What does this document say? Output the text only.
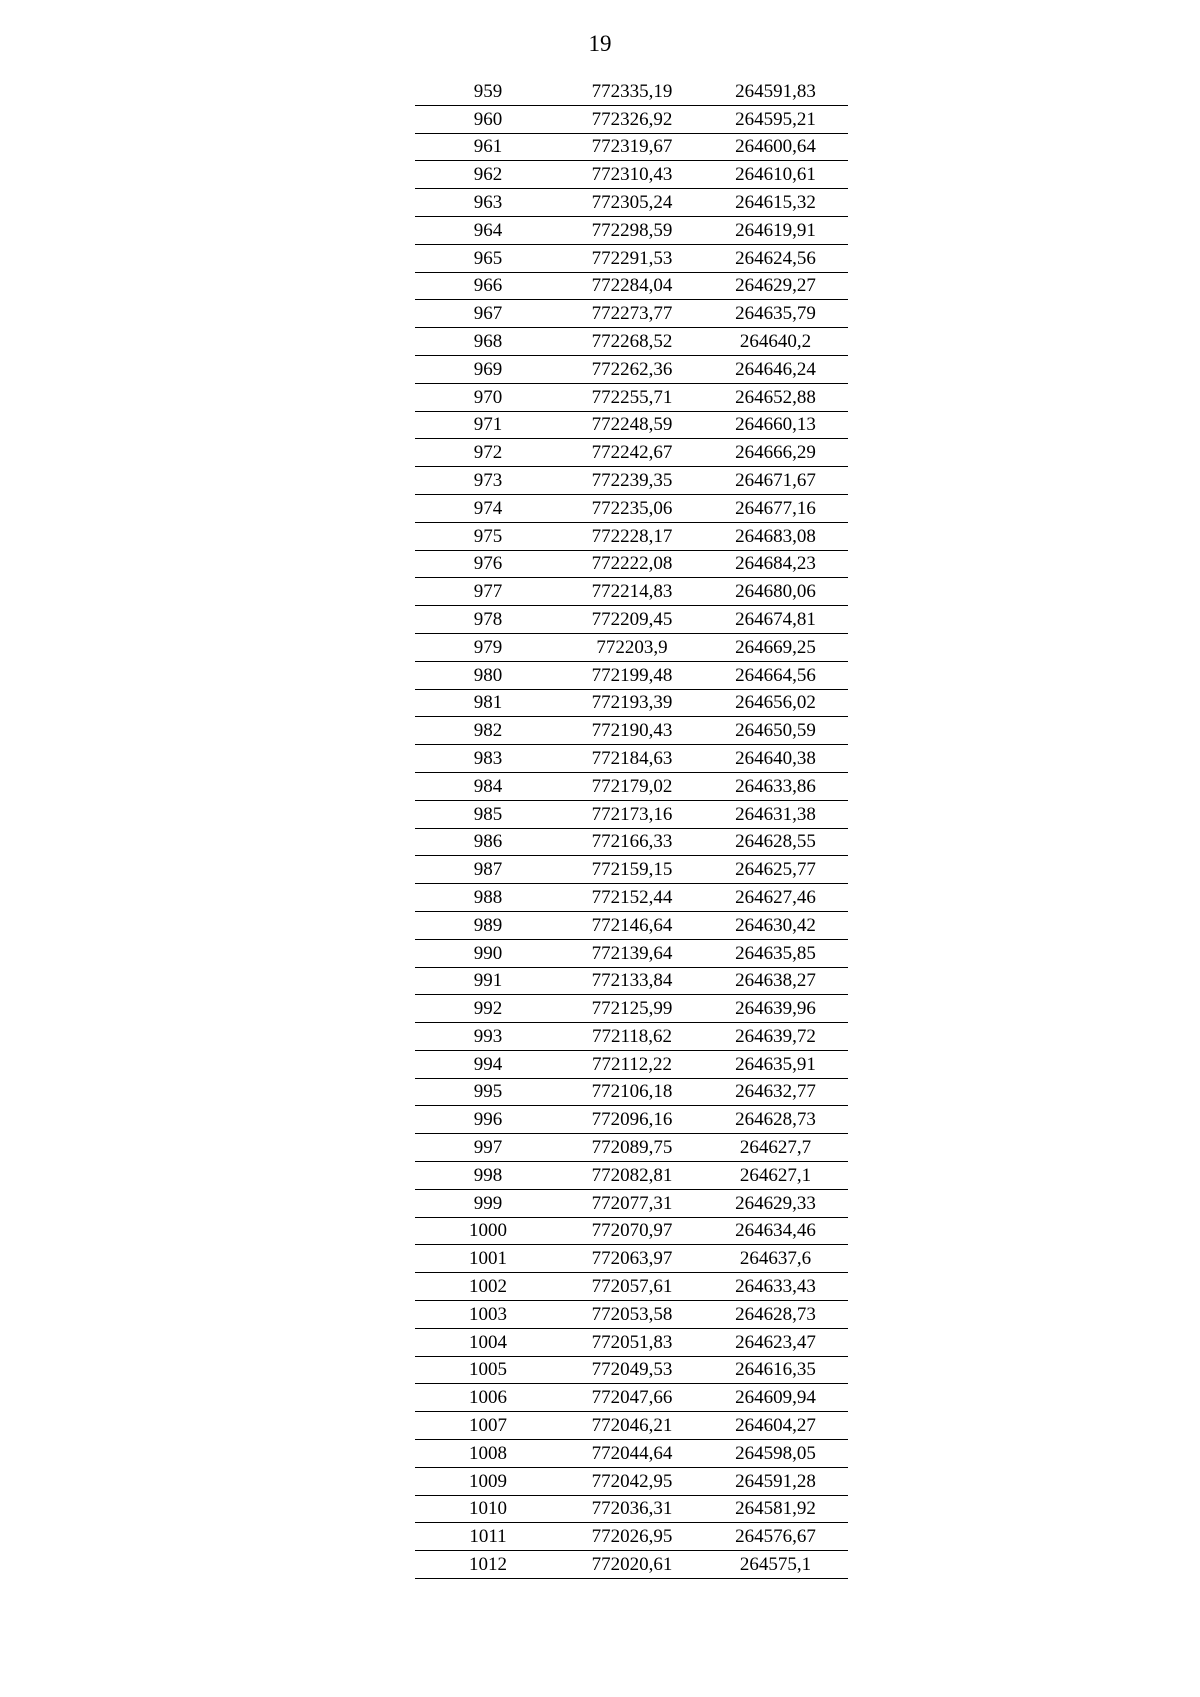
19
959	772335,19	264591,83
960	772326,92	264595,21
961	772319,67	264600,64
962	772310,43	264610,61
963	772305,24	264615,32
964	772298,59	264619,91
965	772291,53	264624,56
966	772284,04	264629,27
967	772273,77	264635,79
968	772268,52	264640,2
969	772262,36	264646,24
970	772255,71	264652,88
971	772248,59	264660,13
972	772242,67	264666,29
973	772239,35	264671,67
974	772235,06	264677,16
975	772228,17	264683,08
976	772222,08	264684,23
977	772214,83	264680,06
978	772209,45	264674,81
979	772203,9	264669,25
980	772199,48	264664,56
981	772193,39	264656,02
982	772190,43	264650,59
983	772184,63	264640,38
984	772179,02	264633,86
985	772173,16	264631,38
986	772166,33	264628,55
987	772159,15	264625,77
988	772152,44	264627,46
989	772146,64	264630,42
990	772139,64	264635,85
991	772133,84	264638,27
992	772125,99	264639,96
993	772118,62	264639,72
994	772112,22	264635,91
995	772106,18	264632,77
996	772096,16	264628,73
997	772089,75	264627,7
998	772082,81	264627,1
999	772077,31	264629,33
1000	772070,97	264634,46
1001	772063,97	264637,6
1002	772057,61	264633,43
1003	772053,58	264628,73
1004	772051,83	264623,47
1005	772049,53	264616,35
1006	772047,66	264609,94
1007	772046,21	264604,27
1008	772044,64	264598,05
1009	772042,95	264591,28
1010	772036,31	264581,92
1011	772026,95	264576,67
1012	772020,61	264575,1
